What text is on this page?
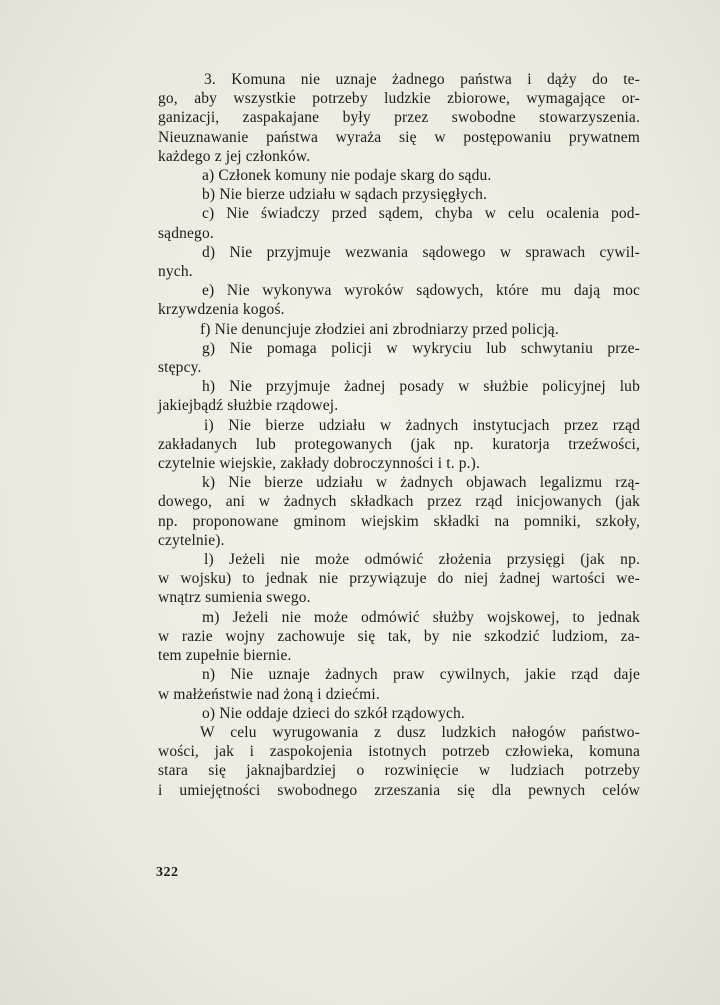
3. Komuna nie uznaje żadnego państwa i dąży do te-
go, aby wszystkie potrzeby ludzkie zbiorowe, wymagające or-
ganizacji, zaspakajane były przez swobodne stowarzyszenia.
Nieuznawanie państwa wyraża się w postępowaniu prywatnem
każdego z jej członków.
a) Członek komuny nie podaje skarg do sądu.
b) Nie bierze udziału w sądach przysięgłych.
c) Nie świadczy przed sądem, chyba w celu ocalenia pod-
sądnego.
d) Nie przyjmuje wezwania sądowego w sprawach cywil-
nych.
e) Nie wykonywa wyroków sądowych, które mu dają moc
krzywdzenia kogoś.
f) Nie denuncjuje złodziei ani zbrodniarzy przed policją.
g) Nie pomaga policji w wykryciu lub schwytaniu prze-
stępcy.
h) Nie przyjmuje żadnej posady w służbie policyjnej lub
jakiejbądź służbie rządowej.
i) Nie bierze udziału w żadnych instytucjach przez rząd
zakładanych lub protegowanych (jak np. kuratorja trzeźwości,
czytelnie wiejskie, zakłady dobroczynności i t. p.).
k) Nie bierze udziału w żadnych objawach legalizmu rzą-
dowego, ani w żadnych składkach przez rząd inicjowanych (jak
np. proponowane gminom wiejskim składki na pomniki, szkoły,
czytelnie).
l) Jeżeli nie może odmówić złożenia przysięgi (jak np.
w wojsku) to jednak nie przywiązuje do niej żadnej wartości we-
wnątrz sumienia swego.
m) Jeżeli nie może odmówić służby wojskowej, to jednak
w razie wojny zachowuje się tak, by nie szkodzić ludziom, za-
tem zupełnie biernie.
n) Nie uznaje żadnych praw cywilnych, jakie rząd daje
w małżeństwie nad żoną i dziećmi.
o) Nie oddaje dzieci do szkół rządowych.
W celu wyrugowania z dusz ludzkich nałogów państwo-
wości, jak i zaspokojenia istotnych potrzeb człowieka, komuna
stara się jaknajbardziej o rozwinięcie w ludziach potrzeby
i umiejętności swobodnego zrzeszania się dla pewnych celów
322
